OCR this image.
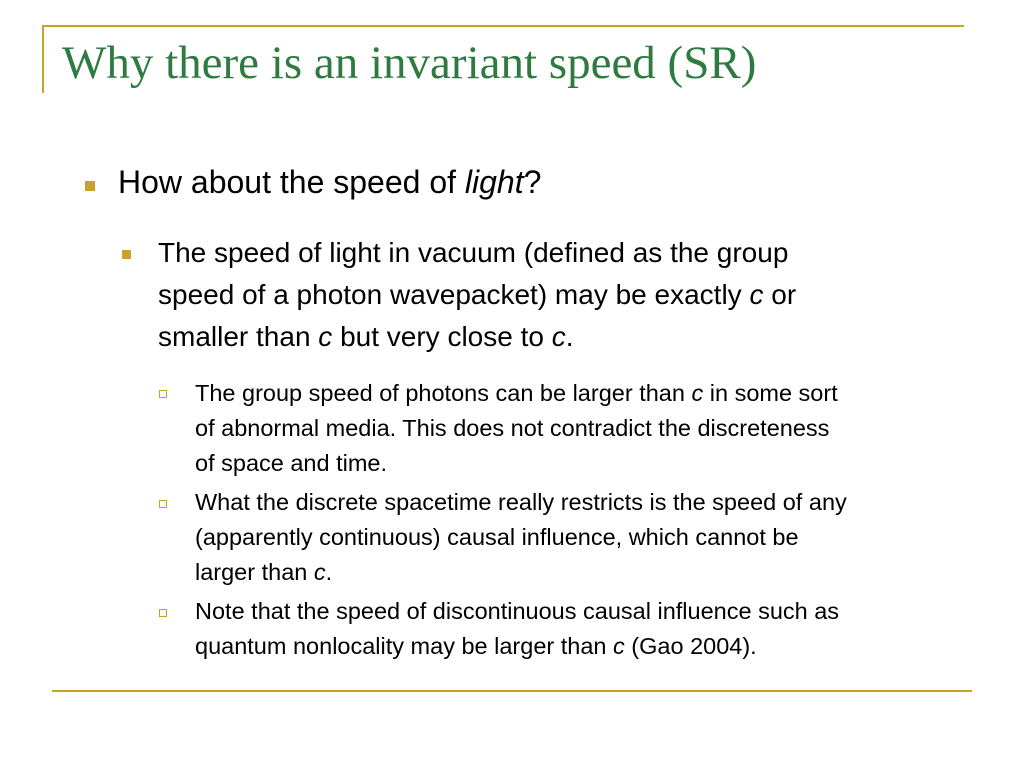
Why there is an invariant speed (SR)
How about the speed of light?
The speed of light in vacuum (defined as the group
speed of a photon wavepacket) may be exactly c or
smaller than c but very close to c.
The group speed of photons can be larger than c in some sort
of abnormal media. This does not contradict the discreteness
of space and time.
What the discrete spacetime really restricts is the speed of any
(apparently continuous) causal influence, which cannot be
larger than c.
Note that the speed of discontinuous causal influence such as
quantum nonlocality may be larger than c (Gao 2004).
